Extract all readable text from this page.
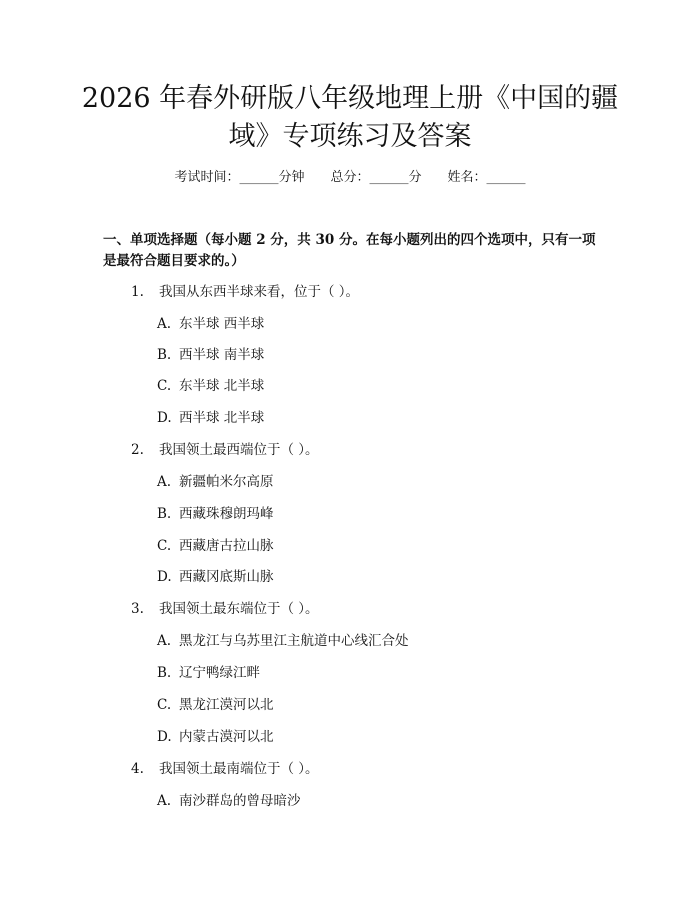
2026 年春外研版八年级地理上册《中国的疆
域》专项练习及答案
考试时间：______分钟 总分：______分 姓名：______
一、单项选择题（每小题 2 分，共 30 分。在每小题列出的四个选项中，只有一项
是最符合题目要求的。）
1. 我国从东西半球来看，位于（ ）。
A. 东半球 西半球
B. 西半球 南半球
C. 东半球 北半球
D. 西半球 北半球
2. 我国领土最西端位于（ ）。
A. 新疆帕米尔高原
B. 西藏珠穆朗玛峰
C. 西藏唐古拉山脉
D. 西藏冈底斯山脉
3. 我国领土最东端位于（ ）。
A. 黑龙江与乌苏里江主航道中心线汇合处
B. 辽宁鸭绿江畔
C. 黑龙江漠河以北
D. 内蒙古漠河以北
4. 我国领土最南端位于（ ）。
A. 南沙群岛的曾母暗沙
